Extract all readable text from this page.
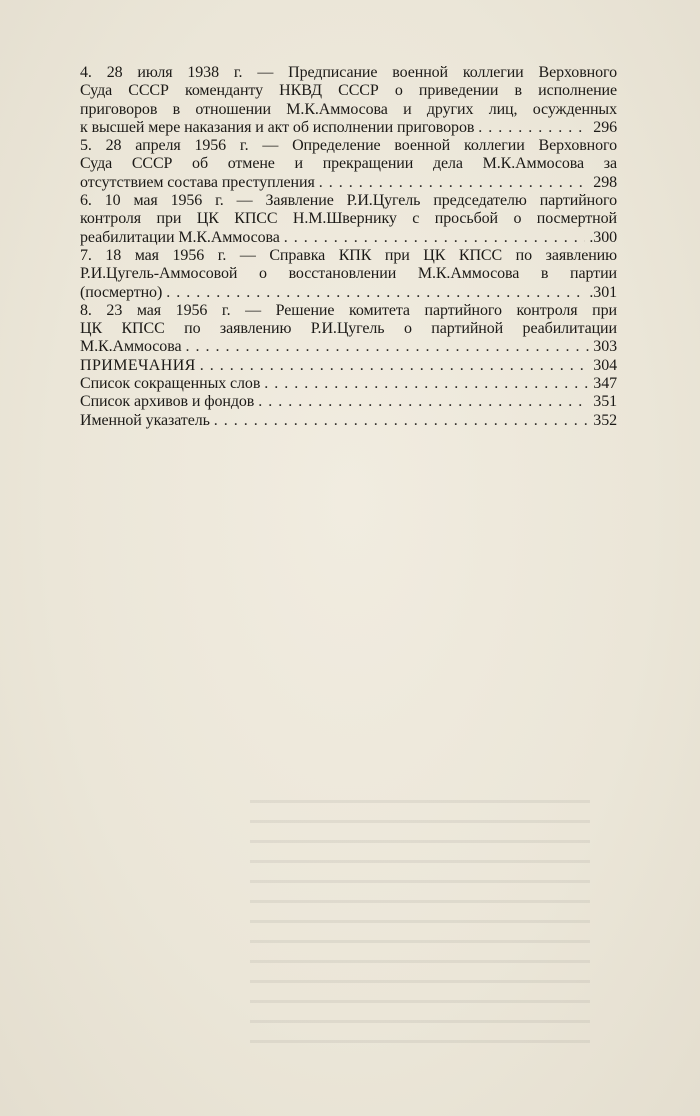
4. 28 июля 1938 г. — Предписание военной коллегии Верховного
Суда СССР коменданту НКВД СССР о приведении в исполнение
приговоров в отношении М.К.Аммосова и других лиц, осужденных
к высшей мере наказания и акт об исполнении приговоров . . .	296
5. 28 апреля 1956 г. — Определение военной коллегии Верховного
Суда СССР об отмене и прекращении дела М.К.Аммосова за
отсутствием состава преступления . . .	298
6. 10 мая 1956 г. — Заявление Р.И.Цугель председателю партийного
контроля при ЦК КПСС Н.М.Швернику с просьбой о посмертной
реабилитации М.К.Аммосова . . .	.300
7. 18 мая 1956 г. — Справка КПК при ЦК КПСС по заявлению
Р.И.Цугель-Аммосовой о восстановлении М.К.Аммосова в партии
(посмертно) . . .	.301
8. 23 мая 1956 г. — Решение комитета партийного контроля при
ЦК КПСС по заявлению Р.И.Цугель о партийной реабилитации
М.К.Аммосова . . .	303
ПРИМЕЧАНИЯ . . .	304
Список сокращенных слов . . .	347
Список архивов и фондов . . .	351
Именной указатель . . .	352
